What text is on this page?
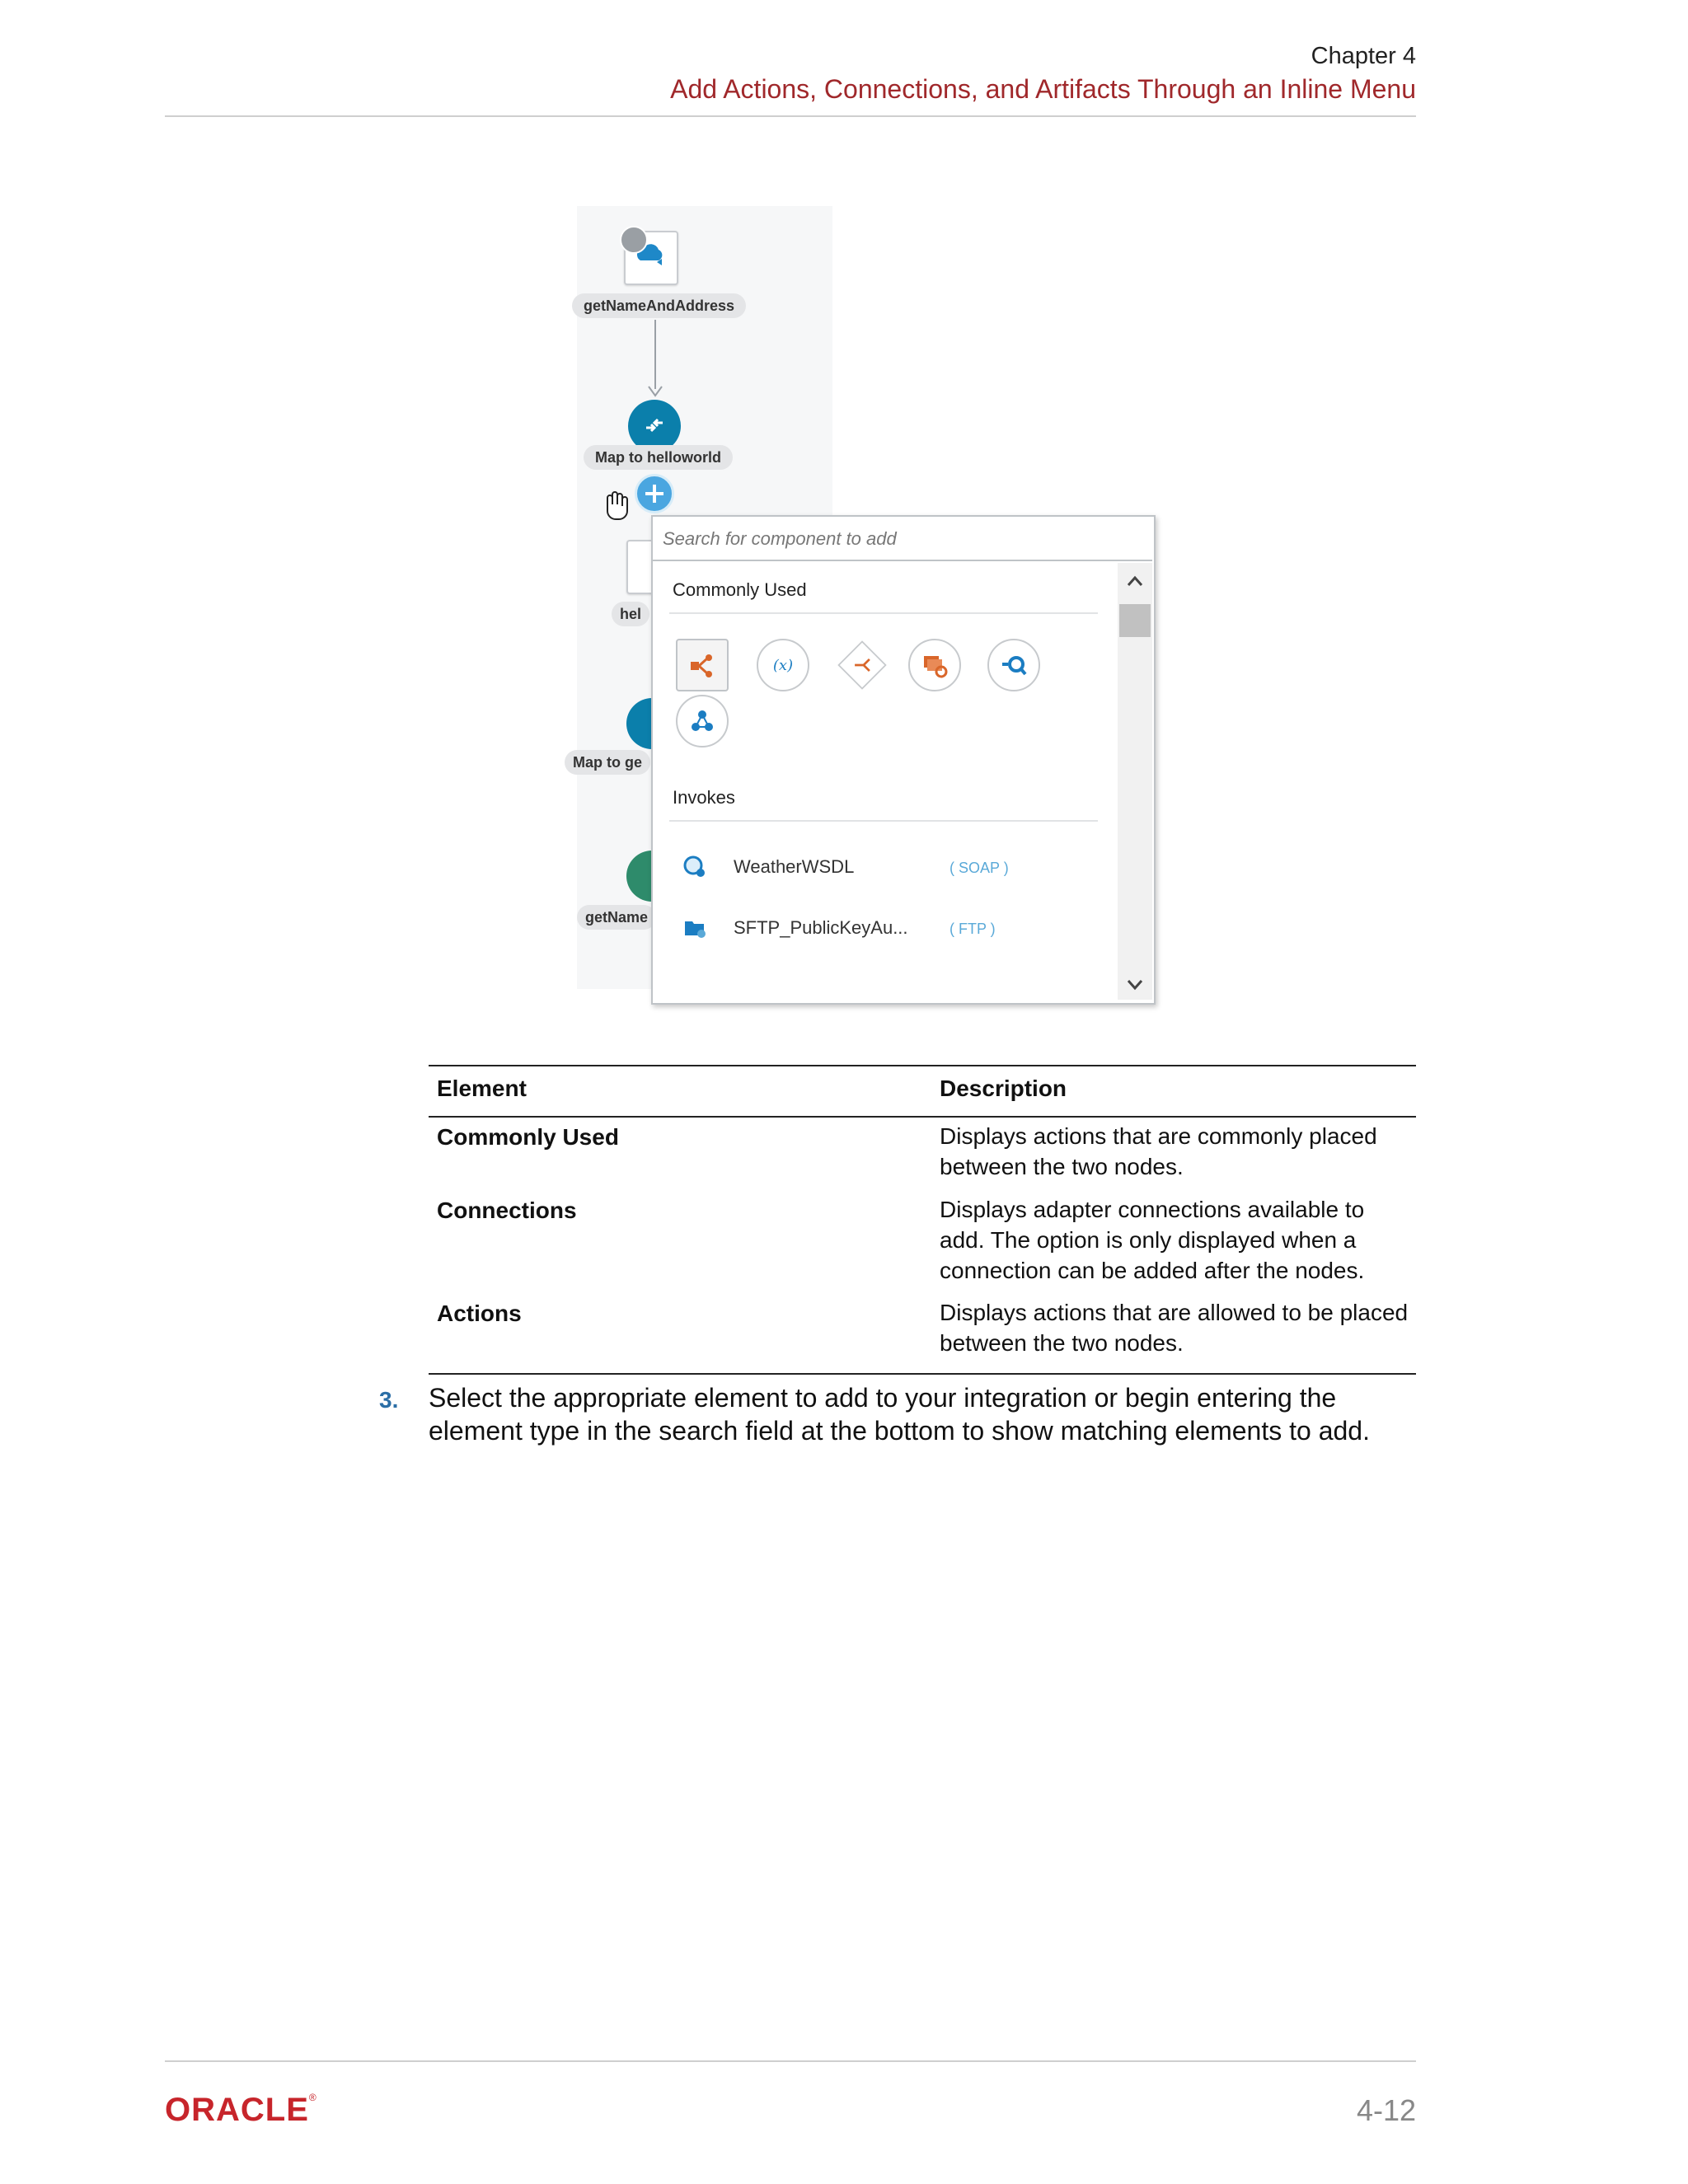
Chapter 4
Add Actions, Connections, and Artifacts Through an Inline Menu
getNameAndAddress
Map to helloworld
hel
Map to ge
getName
Search for component to add
Commonly Used
(x)
Invokes
WeatherWSDL	( SOAP )
SFTP_PublicKeyAu...	( FTP )
Element	Description
Commonly Used	Displays actions that are commonly placed between the two nodes.
Connections	Displays adapter connections available to add. The option is only displayed when a connection can be added after the nodes.
Actions	Displays actions that are allowed to be placed between the two nodes.
3. Select the appropriate element to add to your integration or begin entering the element type in the search field at the bottom to show matching elements to add.
ORACLE®	4-12
